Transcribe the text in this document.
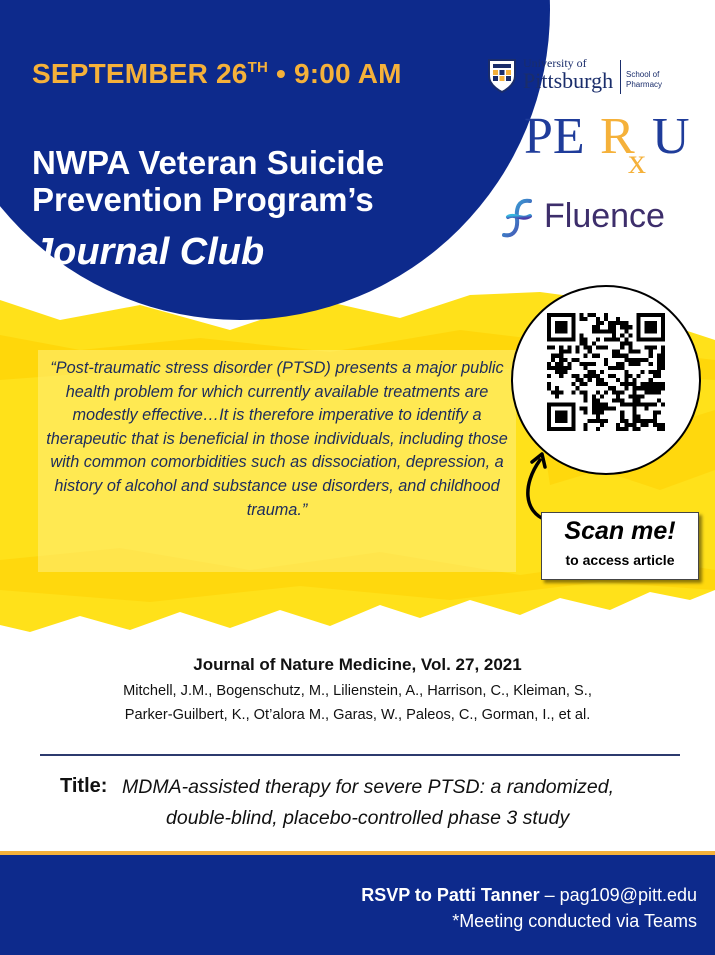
SEPTEMBER 26TH • 9:00 AM
NWPA Veteran Suicide
Prevention Program’s
Journal Club
University of
Pittsburgh School of Pharmacy
PE R
x U
Fluence
“Post-traumatic stress disorder (PTSD) presents a major public health problem for which currently available treatments are modestly effective…It is therefore imperative to identify a therapeutic that is beneficial in those individuals, including those with common comorbidities such as dissociation, depression, a history of alcohol and substance use disorders, and childhood trauma.”
Scan me!
to access article
Journal of Nature Medicine, Vol. 27, 2021
Mitchell, J.M., Bogenschutz, M., Lilienstein, A., Harrison, C., Kleiman, S.,
Parker-Guilbert, K., Ot’alora M., Garas, W., Paleos, C., Gorman, I., et al.
Title: MDMA-assisted therapy for severe PTSD: a randomized,
double-blind, placebo-controlled phase 3 study
RSVP to Patti Tanner – pag109@pitt.edu
*Meeting conducted via Teams
